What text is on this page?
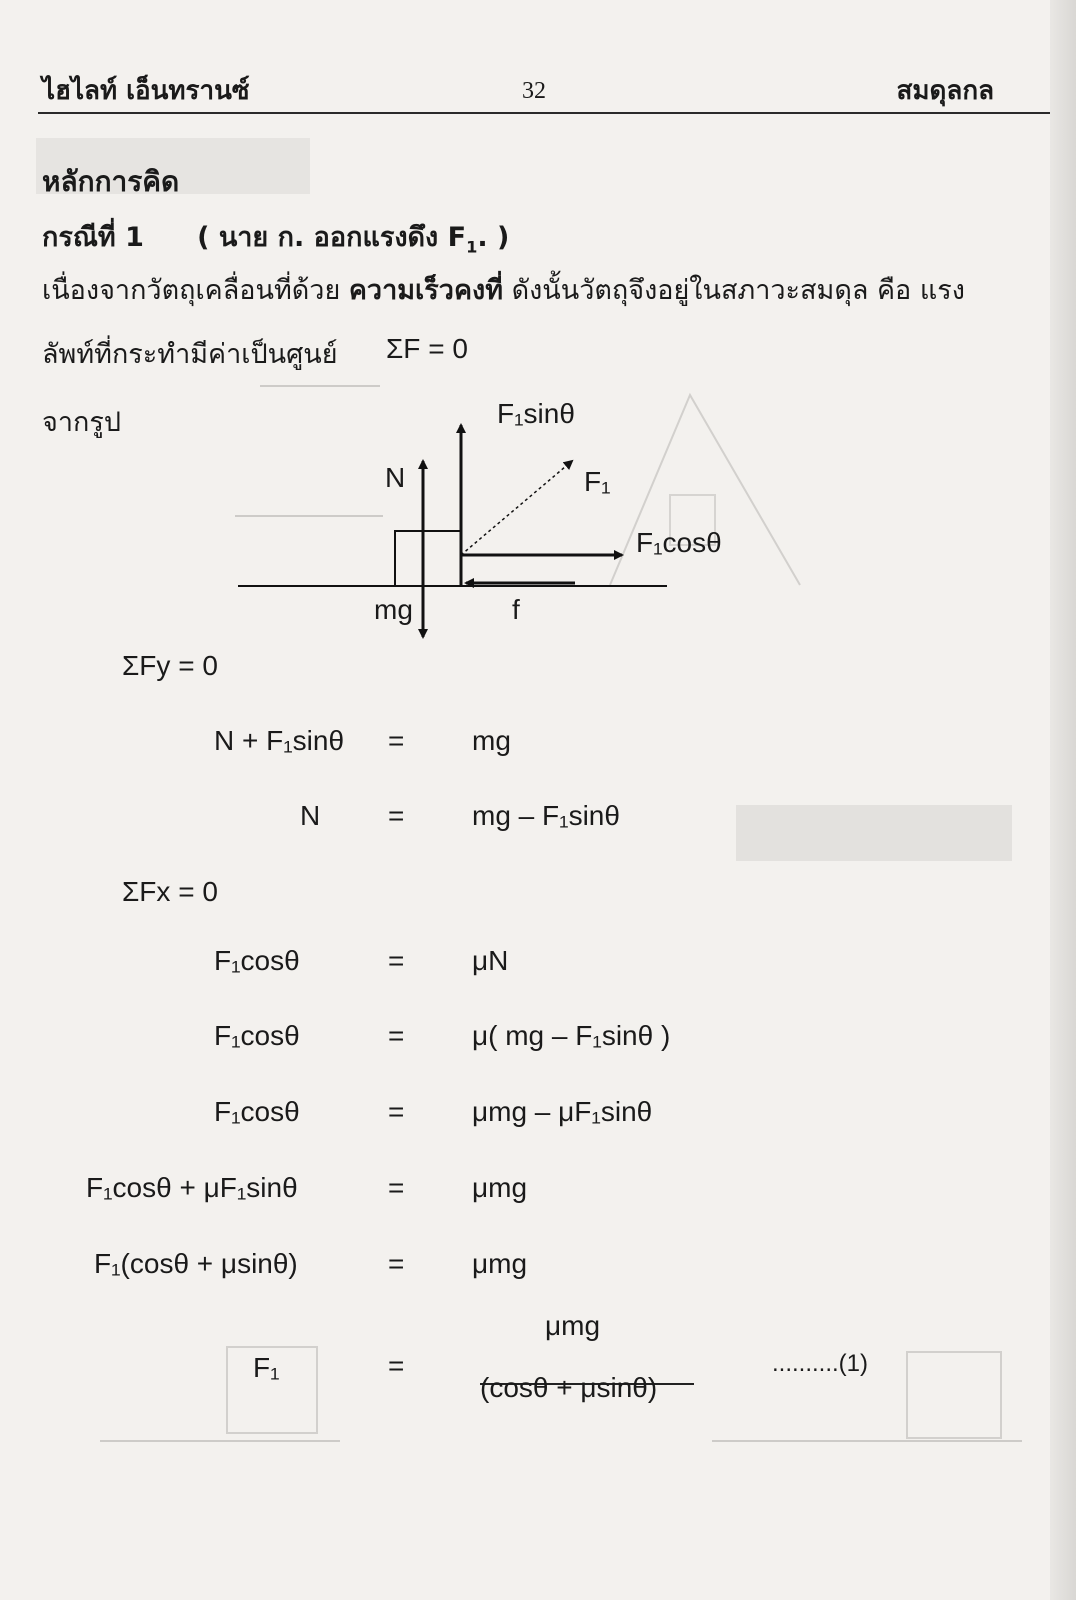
ไฮไลท์ เอ็นทรานซ์	32	สมดุลกล
หลักการคิด
กรณีที่ 1 ( นาย ก. ออกแรงดึง $F_1$. )
เนื่องจากวัตถุเคลื่อนที่ด้วย ความเร็วคงที่ ดังนั้นวัตถุจึงอยู่ในสภาวะสมดุล คือ แรง
ลัพท์ที่กระทำมีค่าเป็นศูนย์ ΣF = 0
จากรูป	F₁sinθ
N	F₁
F₁cosθ
mg	f
ΣFy = 0
N + F₁sinθ = mg
N = mg – F₁sinθ
ΣFx = 0
F₁cosθ	= μN
F₁cosθ	= μ( mg – F₁sinθ )
F₁cosθ	= μmg – μF₁sinθ
F₁cosθ + μF₁sinθ	= μmg
F₁(cosθ + μsinθ)	= μmg
F₁	=
μmg
(cosθ + μsinθ)
..........(1)
